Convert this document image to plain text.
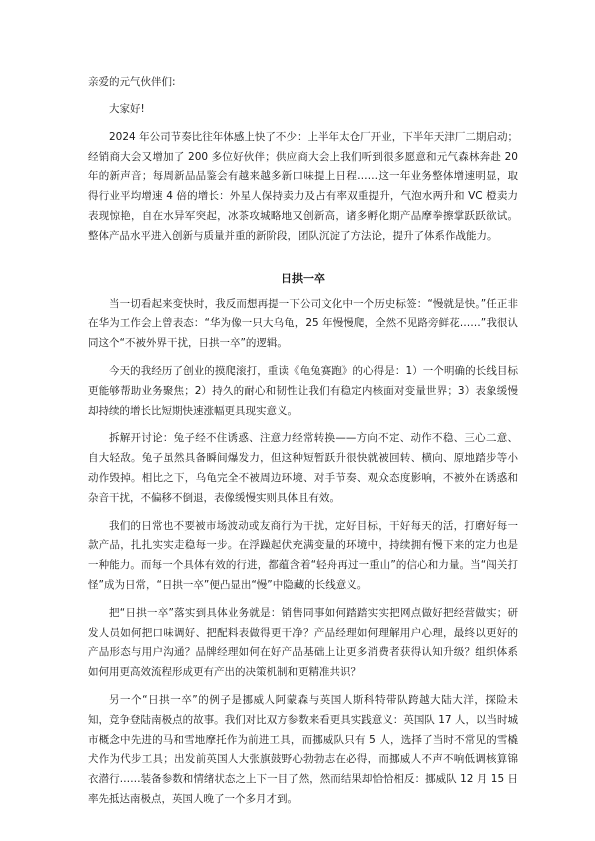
亲爱的元气伙伴们:

大家好!

2024 年公司节奏比往年体感上快了不少：上半年太仓厂开业，下半年天津厂二期启动；经销商大会又增加了 200 多位好伙伴；供应商大会上我们听到很多愿意和元气森林奔赴 20 年的新声音；每周新品品鉴会有越来越多新口味提上日程……这一年业务整体增速明显，取得行业平均增速 4 倍的增长：外星人保持卖力及占有率双重提升，气泡水两升和 VC 橙卖力表现惊艳，自在水异军突起，冰茶攻城略地又创新高，诸多孵化期产品摩拳擦掌跃跃欲试。整体产品水平进入创新与质量并重的新阶段，团队沉淀了方法论，提升了体系作战能力。

日拱一卒

当一切看起来变快时，我反而想再提一下公司文化中一个历史标签：“慢就是快。”任正非在华为工作会上曾表态：“华为像一只大乌龟，25 年慢慢爬，全然不见路旁鲜花……”我很认同这个“不被外界干扰，日拱一卒”的逻辑。

今天的我经历了创业的摸爬滚打，重读《龟兔赛跑》的心得是：1）一个明确的长线目标更能够帮助业务聚焦；2）持久的耐心和韧性让我们有稳定内核面对变量世界；3）表象缓慢却持续的增长比短期快速涨幅更具现实意义。

拆解开讨论：兔子经不住诱惑、注意力经常转换——方向不定、动作不稳、三心二意、自大轻敌。兔子虽然具备瞬间爆发力，但这种短暂跃升很快就被回转、横向、原地踏步等小动作毁掉。相比之下，乌龟完全不被周边环境、对手节奏、观众态度影响，不被外在诱惑和杂音干扰，不偏移不倒退，表像缓慢实则具体且有效。

我们的日常也不要被市场波动或友商行为干扰，定好目标，干好每天的活，打磨好每一款产品，扎扎实实走稳每一步。在浮躁起伏充满变量的环境中，持续拥有慢下来的定力也是一种能力。而每一个具体有效的行进，都蕴含着“轻舟再过一重山”的信心和力量。当“闯关打怪”成为日常，“日拱一卒”便凸显出“慢”中隐藏的长线意义。

把“日拱一卒”落实到具体业务就是：销售同事如何踏踏实实把网点做好把经营做实；研发人员如何把口味调好、把配料表做得更干净？产品经理如何理解用户心理，最终以更好的产品形态与用户沟通？品牌经理如何在好产品基础上让更多消费者获得认知升级？组织体系如何用更高效流程形成更有产出的决策机制和更精准共识？

另一个“日拱一卒”的例子是挪威人阿蒙森与英国人斯科特带队跨越大陆大洋，探险未知，竞争登陆南极点的故事。我们对比双方参数来看更具实践意义：英国队 17 人，以当时城市概念中先进的马和雪地摩托作为前进工具，而挪威队只有 5 人，选择了当时不常见的雪橇犬作为代步工具；出发前英国人大张旗鼓野心勃勃志在必得，而挪威人不声不响低调核算锦衣潜行……装备参数和情绪状态之上下一目了然，然而结果却恰恰相反：挪威队 12 月 15 日率先抵达南极点，英国人晚了一个多月才到。
